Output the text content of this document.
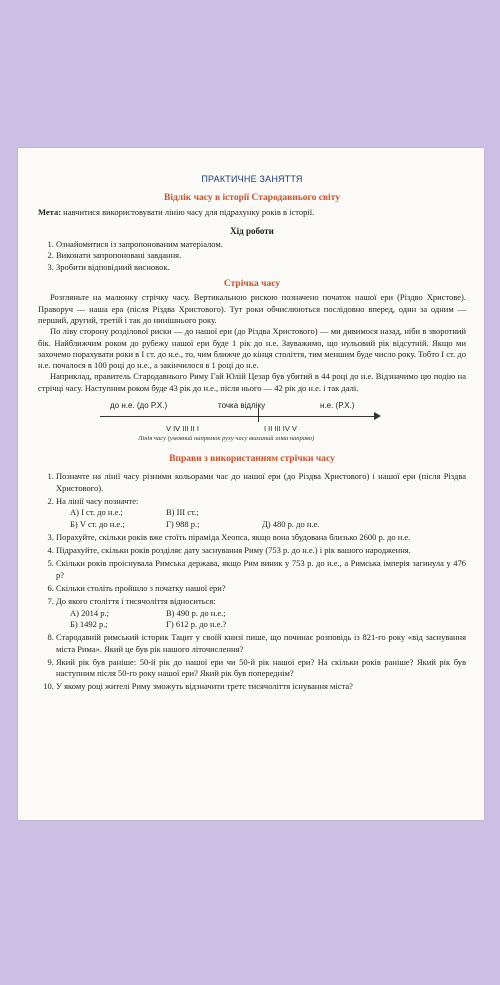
ПРАКТИЧНЕ ЗАНЯТТЯ
Відлік часу в історії Стародавнього світу

Мета: навчитися використовувати лінію часу для підрахунку років в історії.

Хід роботи
1. Ознайомитися із запропонованим матеріалом.
2. Виконати запропоновані завдання.
3. Зробити відповідний висновок.
Стрічка часу

Розгляньте на малюнку стрічку часу. Вертикальною рискою позначено початок нашої ери (Різдво Христове). Праворуч — наша ера (після Різдва Христового). Тут роки обчислюються послідовно вперед, один за одним — перший, другий, третій і так до нинішнього року.

По ліву сторону розділової риски — до нашої ери (до Різдва Христового) — ми дивимося назад, ніби в зворотний бік. Найближчим роком до рубежу нашої ери буде 1 рік до н.е. Зауважимо, що нульовий рік відсутній. Якщо ми захочемо порахувати роки в I ст. до н.е., то, чим ближче до кінця століття, тим меншим буде число року. Тобто I ст. до н.е. почалося в 100 році до н.е., а закінчилося в 1 році до н.е.

Наприклад, правитель Стародавнього Риму Гай Юлій Цезар був убитий в 44 році до н.е. Відзначимо цю подію на стрічці часу. Наступним роком буде 43 рік до н.е., після нього — 42 рік до н.е. і так далі.

до н.е. (до Р.Х.)	точка відліку	н.е. (Р.Х.)
V IV III II I	I II III IV V
Лінія часу (умовний напрямок руху часу вказаний зліва направо)
Вправи з використанням стрічки часу
1. Позначте на лінії часу різними кольорами час до нашої ери (до Різдва Христового) і нашої ери (після Різдва Христового).
2. На лінії часу позначте:
А) I ст. до н.е.;	В) III ст.;
Б) V ст. до н.е.;	Г) 988 р.;	Д) 480 р. до н.е.
3. Порахуйте, скільки років вже стоїть піраміда Хеопса, якщо вона збудована близько 2600 р. до н.е.
4. Підрахуйте, скільки років розділяє дату заснування Риму (753 р. до н.е.) і рік вашого народження.
5. Скільки років проіснувала Римська держава, якщо Рим виник у 753 р. до н.е., а Римська імперія загинула у 476 р?
6. Скільки століть пройшло з початку нашої ери?
7. До якого століття і тисячоліття відноситься:
А) 2014 р.;	В) 490 р. до н.е.;
Б) 1492 р.;	Г) 612 р. до н.е.?
8. Стародавній римський історик Тацит у своїй книзі пише, що починає розповідь із 821-го року «від заснування міста Рима». Який це був рік нашого літочислення?
9. Який рік був раніше: 50-й рік до нашої ери чи 50-й рік нашої ери? На скільки років раніше? Який рік був наступним після 50-го року нашої ери? Який рік був попереднім?
10. У якому році жителі Риму зможуть відзначити третє тисячоліття існування міста?
